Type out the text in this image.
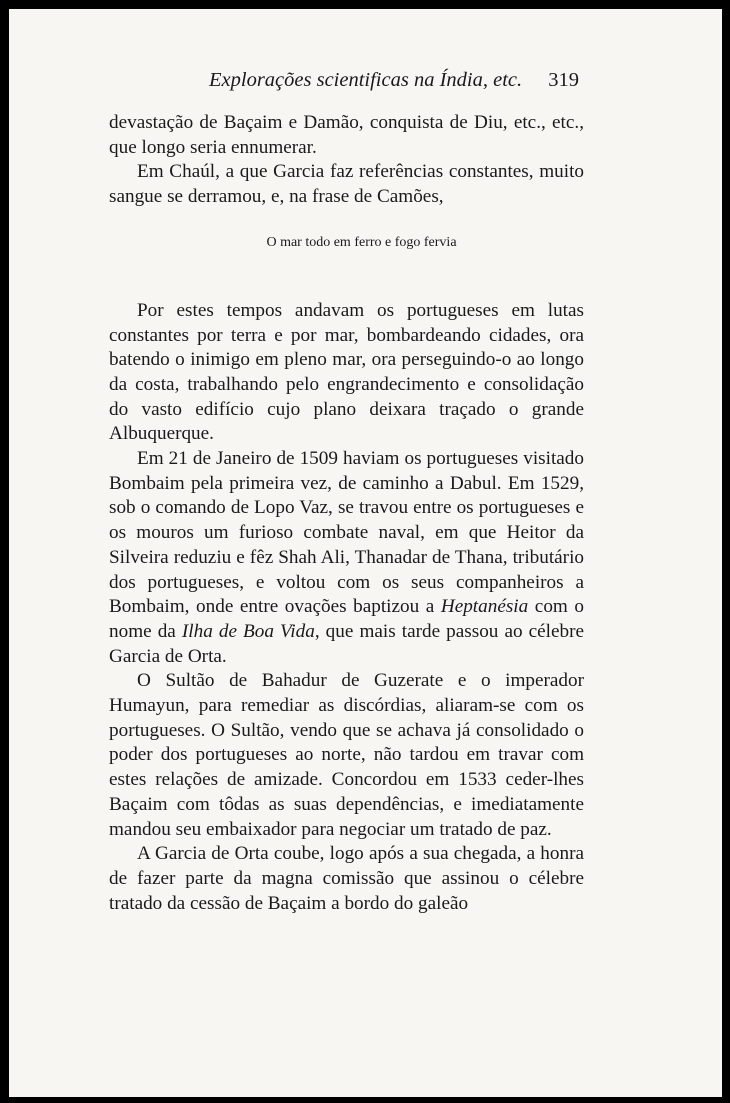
Explorações scientificas na Índia, etc. 319

devastação de Baçaim e Damão, conquista de Diu, etc., etc., que longo seria ennumerar.

Em Chaúl, a que Garcia faz referências constantes, muito sangue se derramou, e, na frase de Camões,

O mar todo em ferro e fogo fervia

Por estes tempos andavam os portugueses em lutas constantes por terra e por mar, bombardeando cidades, ora batendo o inimigo em pleno mar, ora perseguindo-o ao longo da costa, trabalhando pelo engrandecimento e consolidação do vasto edifício cujo plano deixara traçado o grande Albuquerque.

Em 21 de Janeiro de 1509 haviam os portugueses visitado Bombaim pela primeira vez, de caminho a Dabul. Em 1529, sob o comando de Lopo Vaz, se travou entre os portugueses e os mouros um furioso combate naval, em que Heitor da Silveira reduziu e fêz Shah Ali, Thanadar de Thana, tributário dos portugueses, e voltou com os seus companheiros a Bombaim, onde entre ovações baptizou a Heptanésia com o nome da Ilha de Boa Vida, que mais tarde passou ao célebre Garcia de Orta.

O Sultão de Bahadur de Guzerate e o imperador Humayun, para remediar as discórdias, aliaram-se com os portugueses. O Sultão, vendo que se achava já consolidado o poder dos portugueses ao norte, não tardou em travar com estes relações de amizade. Concordou em 1533 ceder-lhes Baçaim com tôdas as suas dependências, e imediatamente mandou seu embaixador para negociar um tratado de paz.

A Garcia de Orta coube, logo após a sua chegada, a honra de fazer parte da magna comissão que assinou o célebre tratado da cessão de Baçaim a bordo do galeão
